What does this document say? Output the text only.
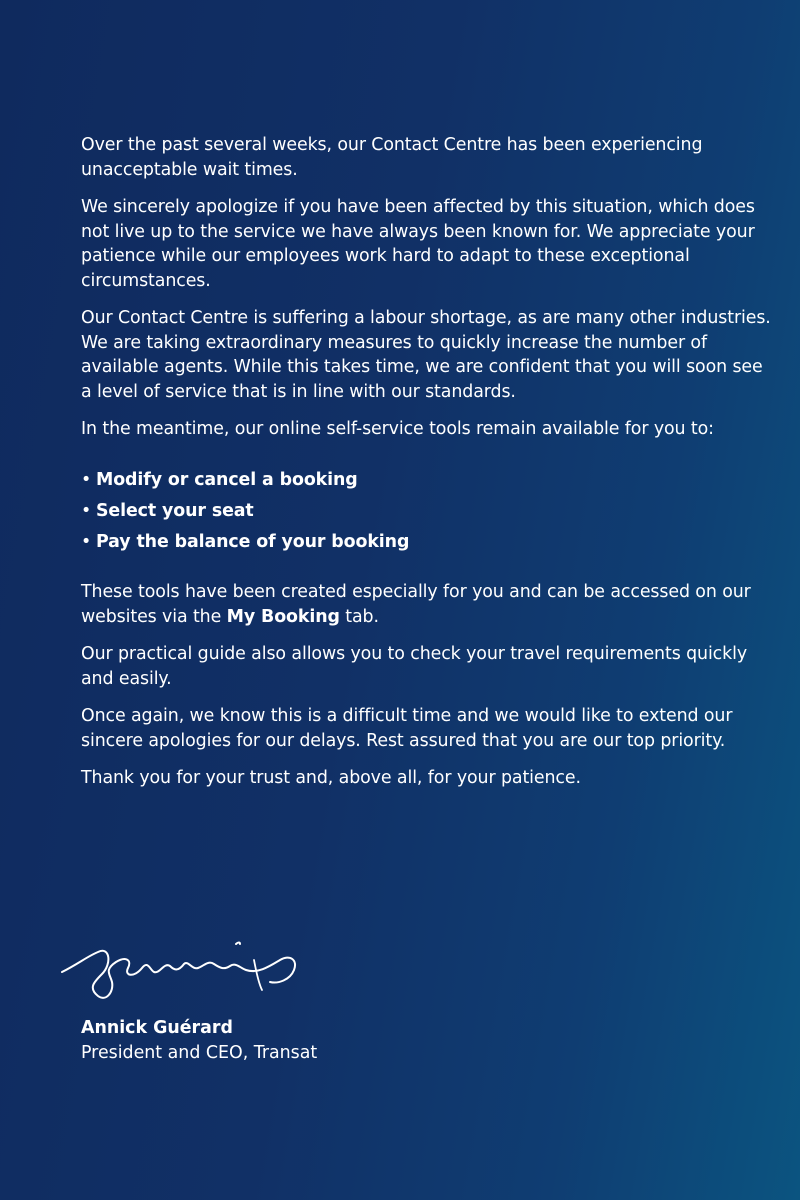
Over the past several weeks, our Contact Centre has been experiencing unacceptable wait times.

We sincerely apologize if you have been affected by this situation, which does not live up to the service we have always been known for. We appreciate your patience while our employees work hard to adapt to these exceptional circumstances.

Our Contact Centre is suffering a labour shortage, as are many other industries. We are taking extraordinary measures to quickly increase the number of available agents. While this takes time, we are confident that you will soon see a level of service that is in line with our standards.

In the meantime, our online self-service tools remain available for you to:

• Modify or cancel a booking
• Select your seat
• Pay the balance of your booking

These tools have been created especially for you and can be accessed on our websites via the My Booking tab.

Our practical guide also allows you to check your travel requirements quickly and easily.

Once again, we know this is a difficult time and we would like to extend our sincere apologies for our delays. Rest assured that you are our top priority.

Thank you for your trust and, above all, for your patience.

Annick Guérard
President and CEO, Transat
